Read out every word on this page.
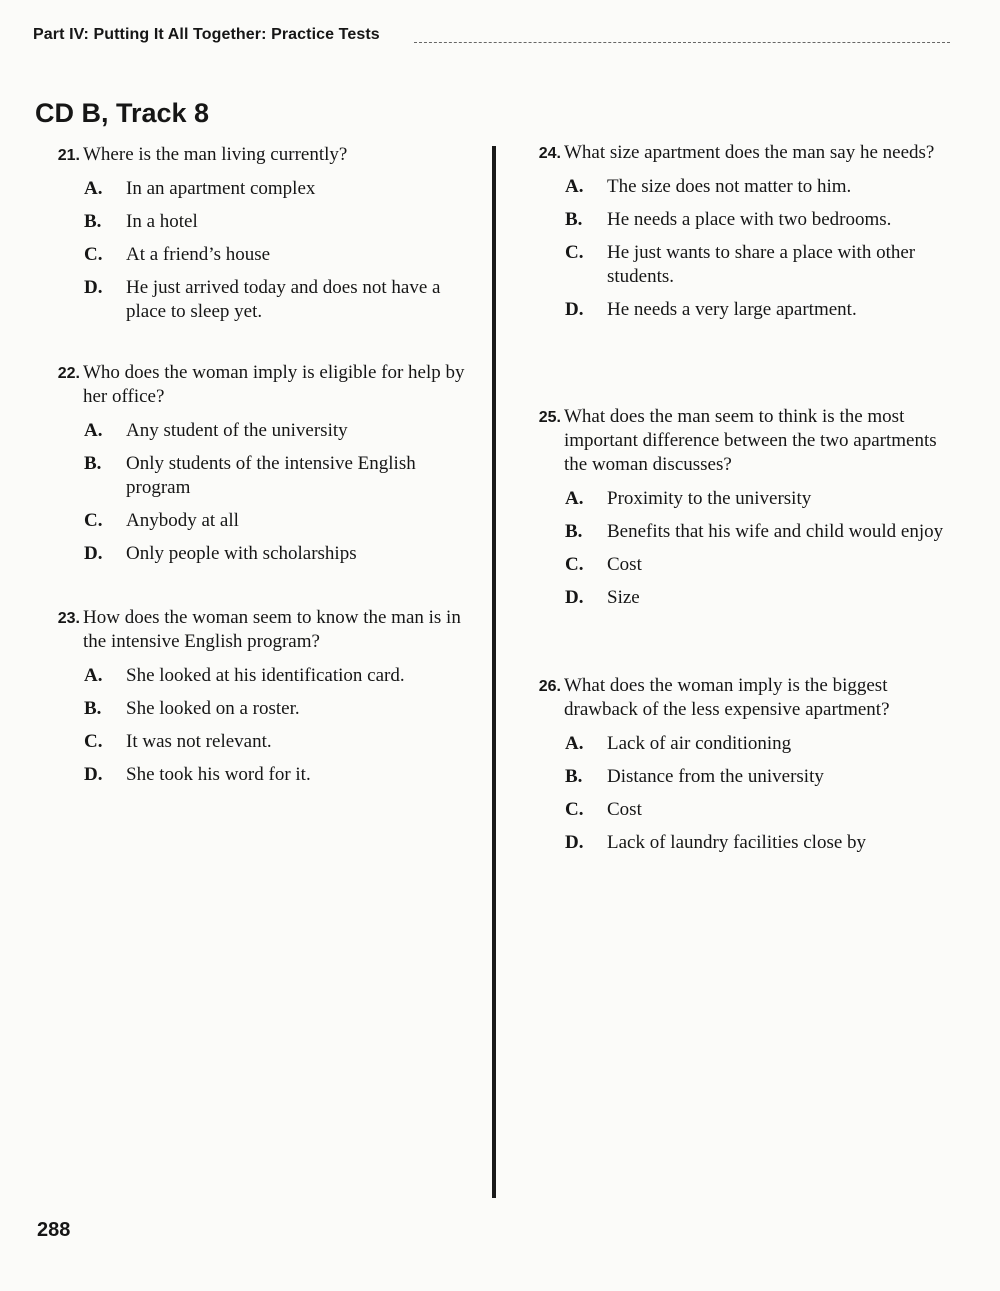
Part IV: Putting It All Together: Practice Tests
CD B, Track 8
21. Where is the man living currently?
A. In an apartment complex
B. In a hotel
C. At a friend’s house
D. He just arrived today and does not have a place to sleep yet.
22. Who does the woman imply is eligible for help by her office?
A. Any student of the university
B. Only students of the intensive English program
C. Anybody at all
D. Only people with scholarships
23. How does the woman seem to know the man is in the intensive English program?
A. She looked at his identification card.
B. She looked on a roster.
C. It was not relevant.
D. She took his word for it.
24. What size apartment does the man say he needs?
A. The size does not matter to him.
B. He needs a place with two bedrooms.
C. He just wants to share a place with other students.
D. He needs a very large apartment.
25. What does the man seem to think is the most important difference between the two apartments the woman discusses?
A. Proximity to the university
B. Benefits that his wife and child would enjoy
C. Cost
D. Size
26. What does the woman imply is the biggest drawback of the less expensive apartment?
A. Lack of air conditioning
B. Distance from the university
C. Cost
D. Lack of laundry facilities close by
288
